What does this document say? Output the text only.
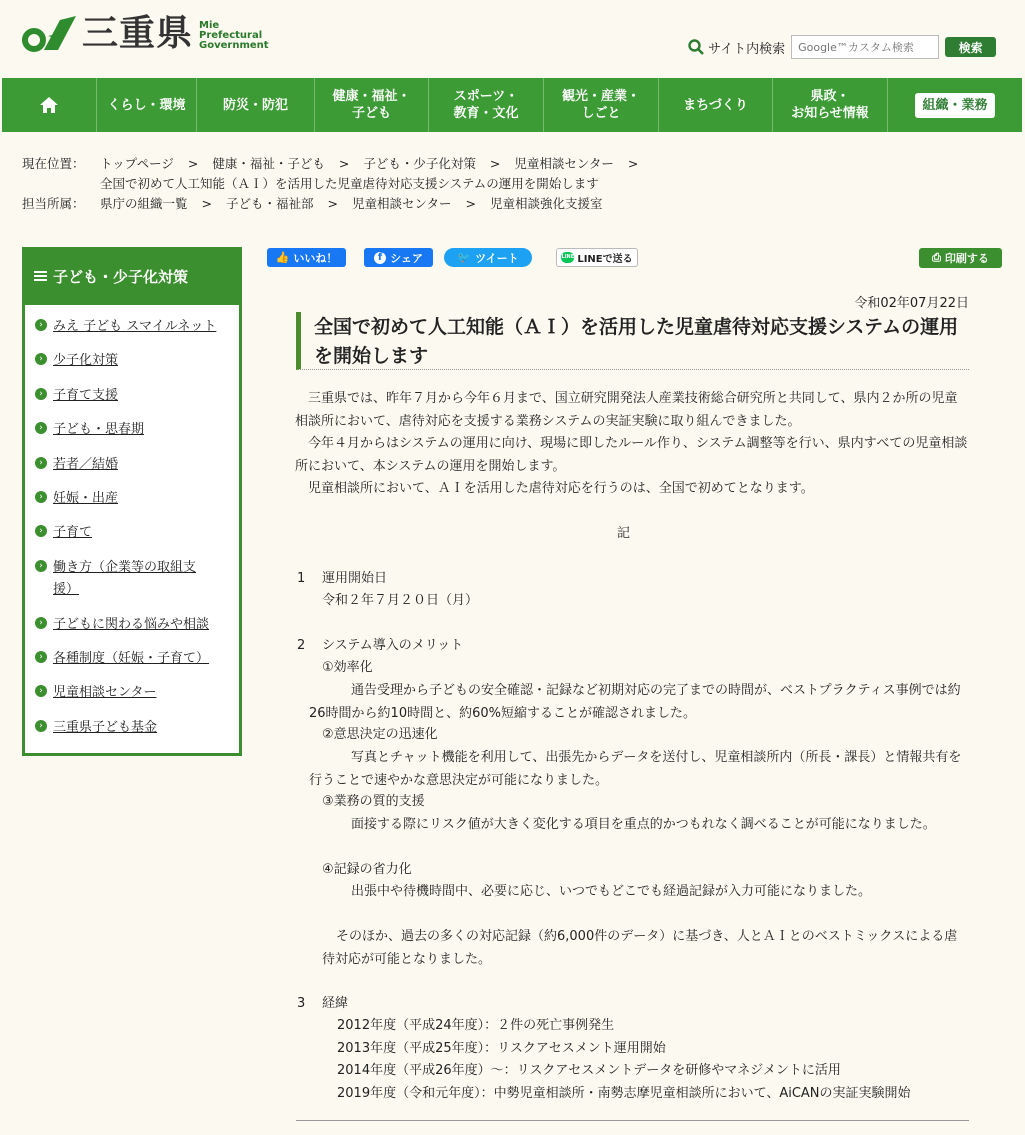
三重県 Mie
Prefectural
Government	サイト内検索
Google™カスタム検索	検索
くらし・環境	防災・防犯
健康・福祉・
子ども
スポーツ・
教育・文化
観光・産業・
しごと
まちづくり
県政・
お知らせ情報
組織・業務
現在位置：	トップページ > 健康・福祉・子ども > 子ども・少子化対策 > 児童相談センター >
全国で初めて人工知能（ＡＩ）を活用した児童虐待対応支援システムの運用を開始します
担当所属：	県庁の組織一覧 > 子ども・福祉部 > 児童相談センター > 児童相談強化支援室
子ども・少子化対策
› みえ 子ども スマイルネット
› 少子化対策
› 子育て支援
› 子ども・思春期
› 若者／結婚
› 妊娠・出産
› 子育て
› 働き方（企業等の取組支援）
› 子どもに関わる悩みや相談
› 各種制度（妊娠・子育て）
› 児童相談センター
› 三重県子ども基金
👍 いいね！	f シェア	🐦 ツイート	LINE LINEで送る	⎙ 印刷する
令和02年07月22日
全国で初めて人工知能（ＡＩ）を活用した児童虐待対応支援システムの運用を開始します
三重県では、昨年７月から今年６月まで、国立研究開発法人産業技術総合研究所と共同して、県内２か所の児童相談所において、虐待対応を支援する業務システムの実証実験に取り組んできました。
今年４月からはシステムの運用に向け、現場に即したルール作り、システム調整等を行い、県内すべての児童相談所において、本システムの運用を開始します。
児童相談所において、ＡＩを活用した虐待対応を行うのは、全国で初めてとなります。
記
1 運用開始日
令和２年７月２０日（月）
2 システム導入のメリット
①効率化
通告受理から子どもの安全確認・記録など初期対応の完了までの時間が、ベストプラクティス事例では約26時間から約10時間と、約60%短縮することが確認されました。
②意思決定の迅速化
写真とチャット機能を利用して、出張先からデータを送付し、児童相談所内（所長・課長）と情報共有を行うことで速やかな意思決定が可能になりました。
③業務の質的支援
面接する際にリスク値が大きく変化する項目を重点的かつもれなく調べることが可能になりました。
④記録の省力化
出張中や待機時間中、必要に応じ、いつでもどこでも経過記録が入力可能になりました。
そのほか、過去の多くの対応記録（約6,000件のデータ）に基づき、人とＡＩとのベストミックスによる虐待対応が可能となりました。
3 経緯
2012年度（平成24年度）：２件の死亡事例発生
2013年度（平成25年度）：リスクアセスメント運用開始
2014年度（平成26年度）～：リスクアセスメントデータを研修やマネジメントに活用
2019年度（令和元年度）：中勢児童相談所・南勢志摩児童相談所において、AiCANの実証実験開始
